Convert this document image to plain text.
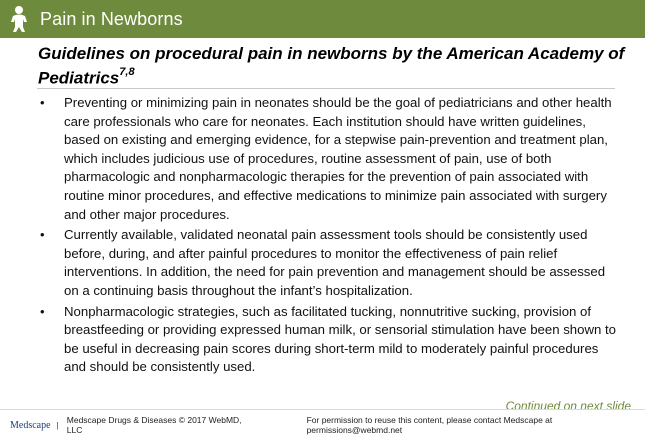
Pain in Newborns
Guidelines on procedural pain in newborns by the American Academy of Pediatrics$^{7,8}$
• Preventing or minimizing pain in neonates should be the goal of pediatricians and other health care professionals who care for neonates. Each institution should have written guidelines, based on existing and emerging evidence, for a stepwise pain-prevention and treatment plan, which includes judicious use of procedures, routine assessment of pain, use of both pharmacologic and nonpharmacologic therapies for the prevention of pain associated with routine minor procedures, and effective medications to minimize pain associated with surgery and other major procedures.
• Currently available, validated neonatal pain assessment tools should be consistently used before, during, and after painful procedures to monitor the effectiveness of pain relief interventions. In addition, the need for pain prevention and management should be assessed on a continuing basis throughout the infant’s hospitalization.
• Nonpharmacologic strategies, such as facilitated tucking, nonnutritive sucking, provision of breastfeeding or providing expressed human milk, or sensorial stimulation have been shown to be useful in decreasing pain scores during short-term mild to moderately painful procedures and should be consistently used.
Continued on next slide
Medscape | Medscape Drugs & Diseases © 2017 WebMD, LLC
For permission to reuse this content, please contact Medscape at permissions@webmd.net
